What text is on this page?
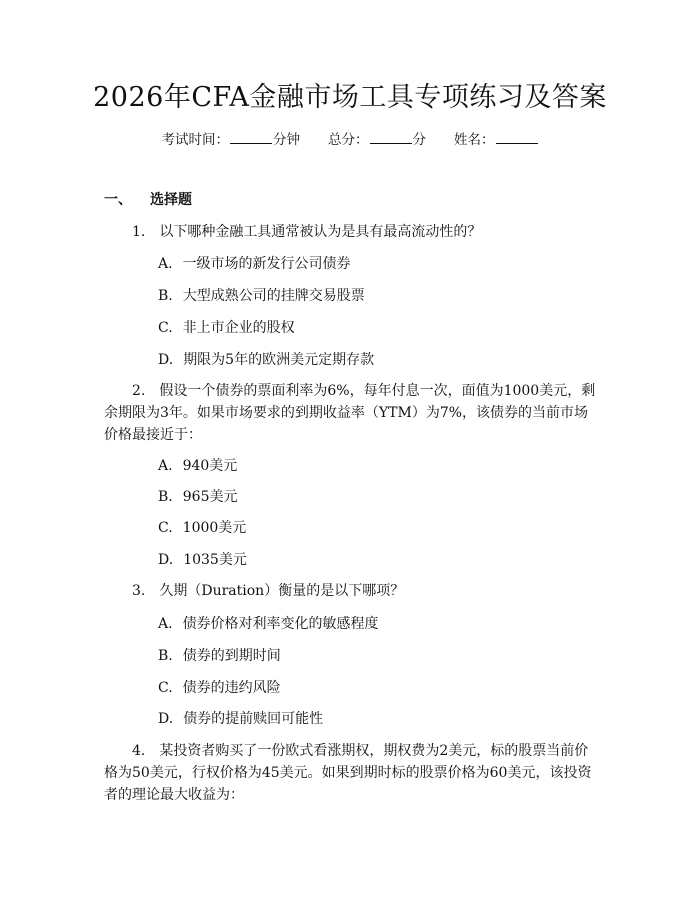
2026年CFA金融市场工具专项练习及答案
考试时间：	分钟 总分：	分 姓名：
一、 选择题
1. 以下哪种金融工具通常被认为是具有最高流动性的？
A. 一级市场的新发行公司债券
B. 大型成熟公司的挂牌交易股票
C. 非上市企业的股权
D. 期限为5年的欧洲美元定期存款
2. 假设一个债券的票面利率为6%，每年付息一次，面值为1000美元，剩余期限为3年。如果市场要求的到期收益率（YTM）为7%，该债券的当前市场价格最接近于：
A. 940美元
B. 965美元
C. 1000美元
D. 1035美元
3. 久期（Duration）衡量的是以下哪项？
A. 债券价格对利率变化的敏感程度
B. 债券的到期时间
C. 债券的违约风险
D. 债券的提前赎回可能性
4. 某投资者购买了一份欧式看涨期权，期权费为2美元，标的股票当前价格为50美元，行权价格为45美元。如果到期时标的股票价格为60美元，该投资者的理论最大收益为：
